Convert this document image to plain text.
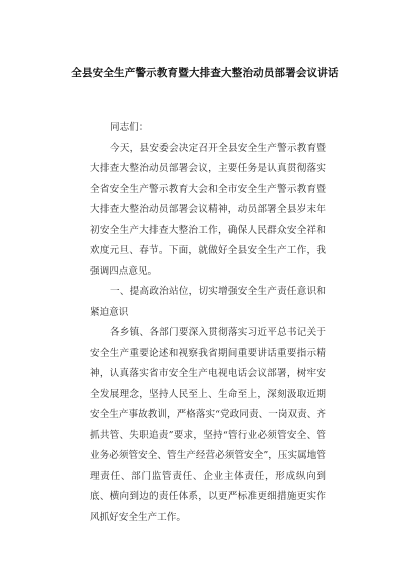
全县安全生产警示教育暨大排查大整治动员部署会议讲话

同志们：

今天，县安委会决定召开全县安全生产警示教育暨大排查大整治动员部署会议，主要任务是认真贯彻落实全省安全生产警示教育大会和全市安全生产警示教育暨大排查大整治动员部署会议精神，动员部署全县岁末年初安全生产大排查大整治工作，确保人民群众安全祥和欢度元旦、春节。下面，就做好全县安全生产工作，我强调四点意见。

一、提高政治站位，切实增强安全生产责任意识和紧迫意识

各乡镇、各部门要深入贯彻落实习近平总书记关于安全生产重要论述和视察我省期间重要讲话重要指示精神，认真落实省市安全生产电视电话会议部署，树牢安全发展理念，坚持人民至上、生命至上，深刻汲取近期安全生产事故教训，严格落实“党政同责、一岗双责、齐抓共管、失职追责”要求，坚持“管行业必须管安全、管业务必须管安全、管生产经营必须管安全”，压实属地管理责任、部门监管责任、企业主体责任，形成纵向到底、横向到边的责任体系，以更严标准更细措施更实作风抓好安全生产工作。
